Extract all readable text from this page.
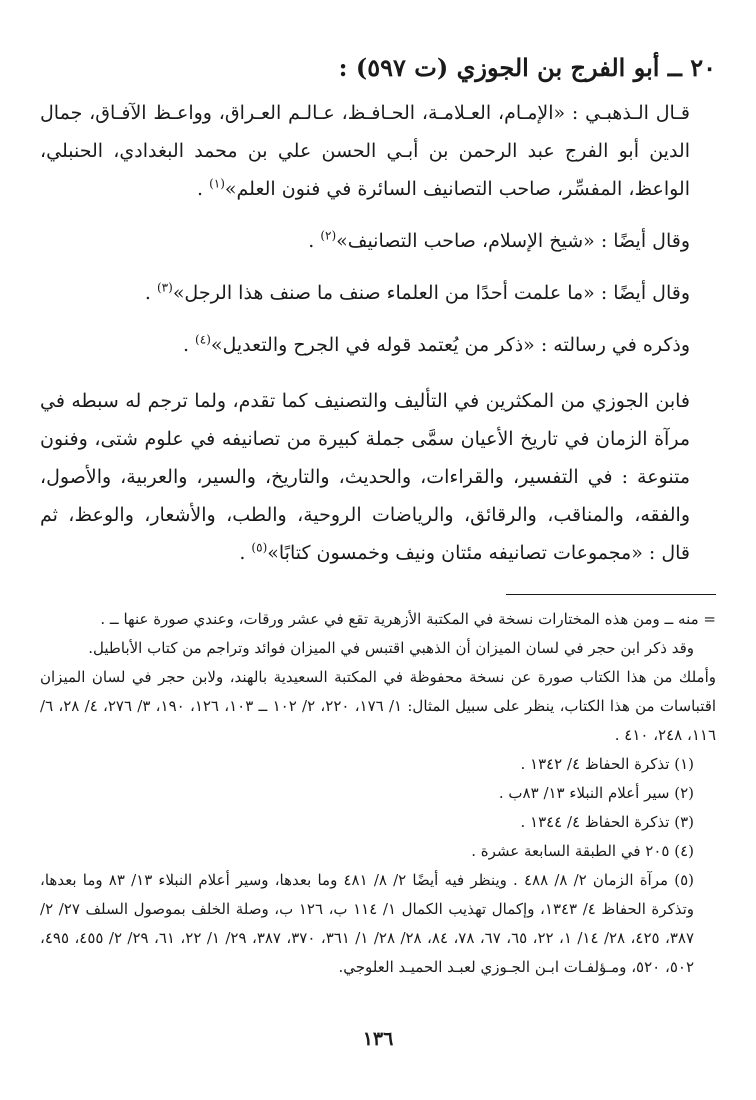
٢٠ ــ أبو الفرج بن الجوزي (ت ٥٩٧) :

قـال الـذهبـي : «الإمـام، العـلامـة، الحـافـظ، عـالـم العـراق، وواعـظ الآفـاق، جمال الدين أبو الفرج عبد الرحمن بن أبـي الحسن علي بن محمد البغدادي، الحنبلي، الواعظ، المفسِّر، صاحب التصانيف السائرة في فنون العلم»$^{(١)}$ .

وقال أيضًا : «شيخ الإسلام، صاحب التصانيف»$^{(٢)}$ .

وقال أيضًا : «ما علمت أحدًا من العلماء صنف ما صنف هذا الرجل»$^{(٣)}$ .

وذكره في رسالته : «ذكر من يُعتمد قوله في الجرح والتعديل»$^{(٤)}$ .

فابن الجوزي من المكثرين في التأليف والتصنيف كما تقدم، ولما ترجم له سبطه في مرآة الزمان في تاريخ الأعيان سمَّى جملة كبيرة من تصانيفه في علوم شتى، وفنون متنوعة : في التفسير، والقراءات، والحديث، والتاريخ، والسير، والعربية، والأصول، والفقه، والمناقب، والرقائق، والرياضات الروحية، والطب، والأشعار، والوعظ، ثم قال : «مجموعات تصانيفه مئتان ونيف وخمسون كتابًا»$^{(٥)}$ .

= منه ــ ومن هذه المختارات نسخة في المكتبة الأزهرية تقع في عشر ورقات، وعندي صورة عنها ــ .

وقد ذكر ابن حجر في لسان الميزان أن الذهبي اقتبس في الميزان فوائد وتراجم من كتاب الأباطيل.

وأملك من هذا الكتاب صورة عن نسخة محفوظة في المكتبة السعيدية بالهند، ولابن حجر في لسان الميزان اقتباسات من هذا الكتاب، ينظر على سبيل المثال: ١/ ١٧٦، ٢٢٠، ٢/ ١٠٢ ــ ١٠٣، ١٢٦، ١٩٠، ٣/ ٢٧٦، ٤/ ٢٨، ٦/ ١١٦، ٢٤٨، ٤١٠ .

(١) تذكرة الحفاظ ٤/ ١٣٤٢ .

(٢) سير أعلام النبلاء ١٣/ ٨٣ب .

(٣) تذكرة الحفاظ ٤/ ١٣٤٤ .

(٤) ٢٠٥ في الطبقة السابعة عشرة .

(٥) مرآة الزمان ٢/ ٨/ ٤٨٨ . وينظر فيه أيضًا ٢/ ٨/ ٤٨١ وما بعدها، وسير أعلام النبلاء ١٣/ ٨٣ وما بعدها، وتذكرة الحفاظ ٤/ ١٣٤٣، وإكمال تهذيب الكمال ١/ ١١٤ ب، ١٢٦ ب، وصلة الخلف بموصول السلف ٢٧/ ٢/ ٣٨٧، ٤٢٥، ٢٨/ ١٤/ ١، ٢٢، ٦٥، ٦٧، ٧٨، ٨٤، ٢٨/ ٢٨/ ١/ ٣٦١، ٣٧٠، ٣٨٧، ٢٩/ ١/ ٢٢، ٦١، ٢٩/ ٢/ ٤٥٥، ٤٩٥، ٥٠٢، ٥٢٠، ومـؤلفـات ابـن الجـوزي لعبـد الحميـد العلوجي.

١٣٦
